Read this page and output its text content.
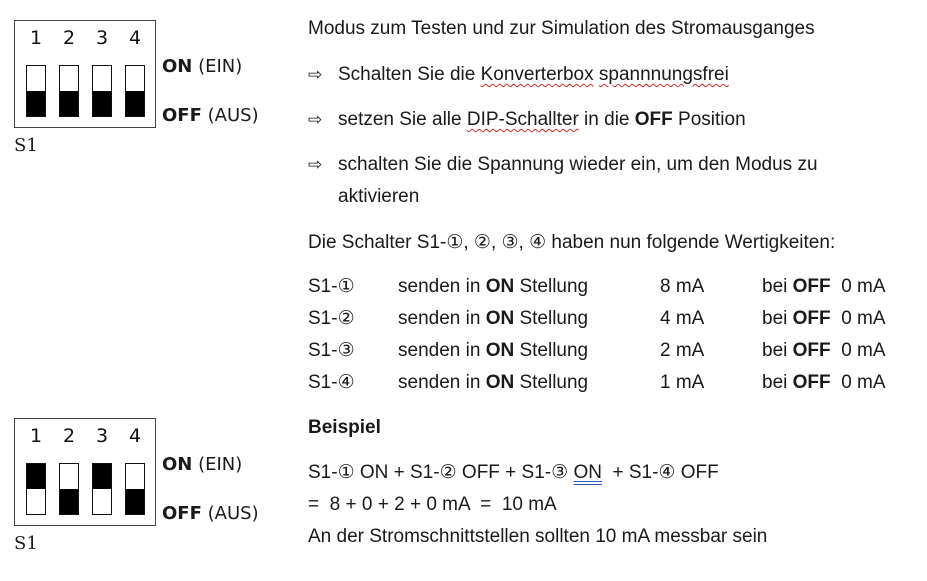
1	2	3	4
ON (EIN)
OFF (AUS)
S1
1	2	3	4
ON (EIN)
OFF (AUS)
S1
Modus zum Testen und zur Simulation des Stromausganges
⇨ Schalten Sie die Konverterbox spannnungsfrei
⇨ setzen Sie alle DIP-Schallter in die OFF Position
⇨ schalten Sie die Spannung wieder ein, um den Modus zu
aktivieren
Die Schalter S1-①, ②, ③, ④ haben nun folgende Wertigkeiten:
S1-① senden in ON Stellung	8 mA	bei OFF  0 mA
S1-② senden in ON Stellung	4 mA	bei OFF  0 mA
S1-③ senden in ON Stellung	2 mA	bei OFF  0 mA
S1-④ senden in ON Stellung	1 mA	bei OFF  0 mA
Beispiel
S1-① ON + S1-② OFF + S1-③ ON  + S1-④ OFF
=  8 + 0 + 2 + 0 mA  =  10 mA
An der Stromschnittstellen sollten 10 mA messbar sein
